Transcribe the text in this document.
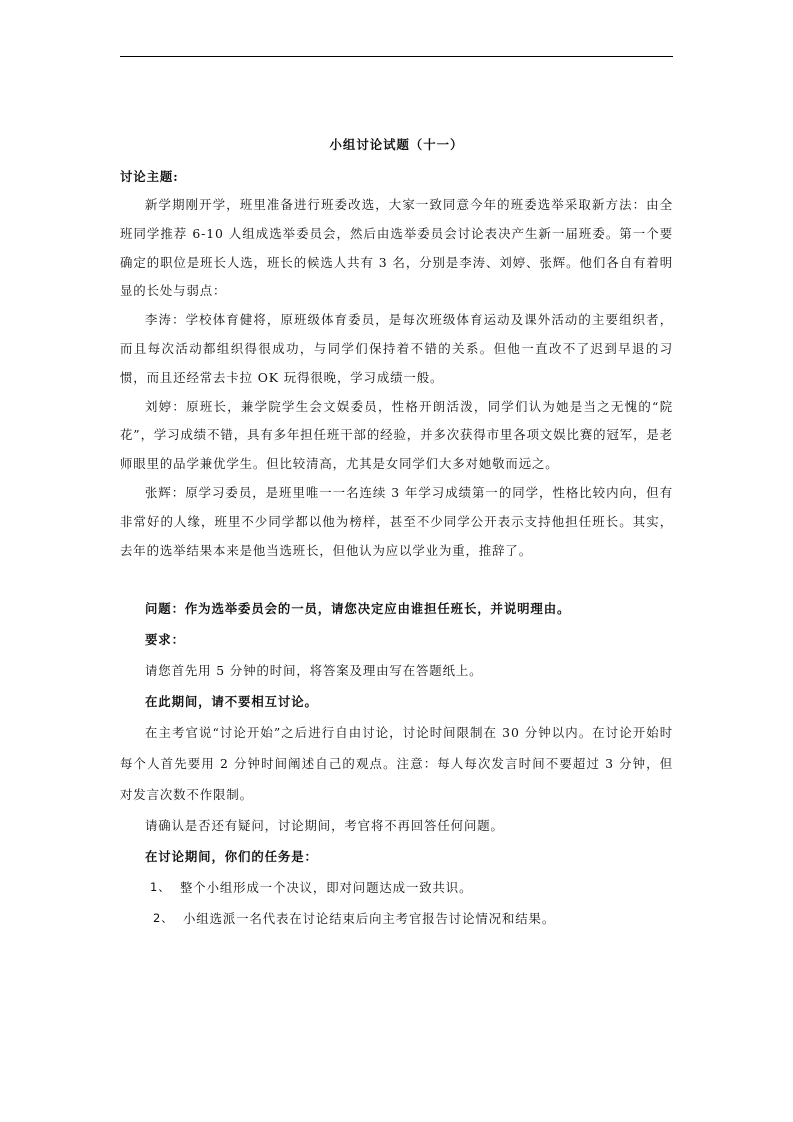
小组讨论试题（十一）
讨论主题:

新学期刚开学，班里准备进行班委改选，大家一致同意今年的班委选举采取新方法：由全班同学推荐 6-10 人组成选举委员会，然后由选举委员会讨论表决产生新一届班委。第一个要确定的职位是班长人选，班长的候选人共有 3 名，分别是李涛、刘婷、张辉。他们各自有着明显的长处与弱点：

李涛：学校体育健将，原班级体育委员，是每次班级体育运动及课外活动的主要组织者，而且每次活动都组织得很成功，与同学们保持着不错的关系。但他一直改不了迟到早退的习惯，而且还经常去卡拉 OK 玩得很晚，学习成绩一般。

刘婷：原班长，兼学院学生会文娱委员，性格开朗活泼，同学们认为她是当之无愧的“院花”，学习成绩不错，具有多年担任班干部的经验，并多次获得市里各项文娱比赛的冠军，是老师眼里的品学兼优学生。但比较清高，尤其是女同学们大多对她敬而远之。

张辉：原学习委员，是班里唯一一名连续 3 年学习成绩第一的同学，性格比较内向，但有非常好的人缘，班里不少同学都以他为榜样，甚至不少同学公开表示支持他担任班长。其实，去年的选举结果本来是他当选班长，但他认为应以学业为重，推辞了。

问题：作为选举委员会的一员，请您决定应由谁担任班长，并说明理由。
要求：
请您首先用 5 分钟的时间，将答案及理由写在答题纸上。
在此期间，请不要相互讨论。

在主考官说“讨论开始”之后进行自由讨论，讨论时间限制在 30 分钟以内。在讨论开始时每个人首先要用 2 分钟时间阐述自己的观点。注意：每人每次发言时间不要超过 3 分钟，但对发言次数不作限制。

请确认是否还有疑问，讨论期间，考官将不再回答任何问题。
在讨论期间，你们的任务是：
1、 整个小组形成一个决议，即对问题达成一致共识。
2、 小组选派一名代表在讨论结束后向主考官报告讨论情况和结果。
